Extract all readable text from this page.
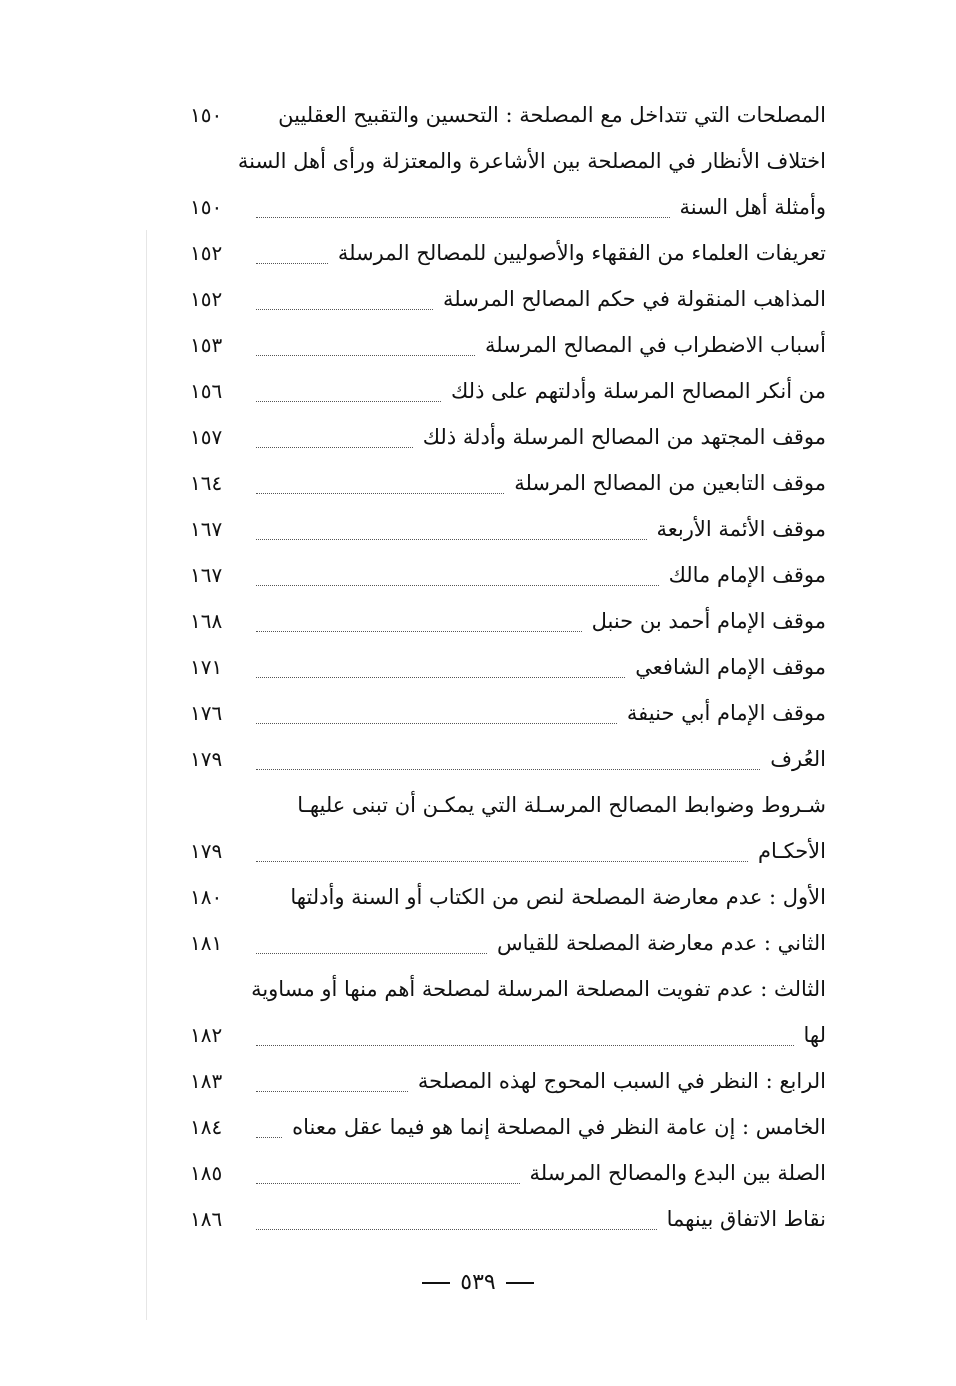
المصلحات التي تتداخل مع المصلحة : التحسين والتقبيح العقليين
١٥٠
اختلاف الأنظار في المصلحة بين الأشاعرة والمعتزلة ورأى أهل السنة
وأمثلة أهل السنة
١٥٠
تعريفات العلماء من الفقهاء والأصوليين للمصالح المرسلة
١٥٢
المذاهب المنقولة في حكم المصالح المرسلة
١٥٢
أسباب الاضطراب في المصالح المرسلة
١٥٣
من أنكر المصالح المرسلة وأدلتهم على ذلك
١٥٦
موقف المجتهد من المصالح المرسلة وأدلة ذلك
١٥٧
موقف التابعين من المصالح المرسلة
١٦٤
موقف الأئمة الأربعة
١٦٧
موقف الإمام مالك
١٦٧
موقف الإمام أحمد بن حنبل
١٦٨
موقف الإمام الشافعي
١٧١
موقف الإمام أبي حنيفة
١٧٦
العُرف
١٧٩
شـروط وضوابط المصالح المرسـلة التي يمكـن أن تبنى عليهـا
الأحكـام
١٧٩
الأول : عدم معارضة المصلحة لنص من الكتاب أو السنة وأدلتها
١٨٠
الثاني : عدم معارضة المصلحة للقياس
١٨١
الثالث : عدم تفويت المصلحة المرسلة لمصلحة أهم منها أو مساوية
لها
١٨٢
الرابع : النظر في السبب المحوج لهذه المصلحة
١٨٣
الخامس : إن عامة النظر في المصلحة إنما هو فيما عقل معناه
١٨٤
الصلة بين البدع والمصالح المرسلة
١٨٥
نقاط الاتفاق بينهما
١٨٦
٥٣٩
